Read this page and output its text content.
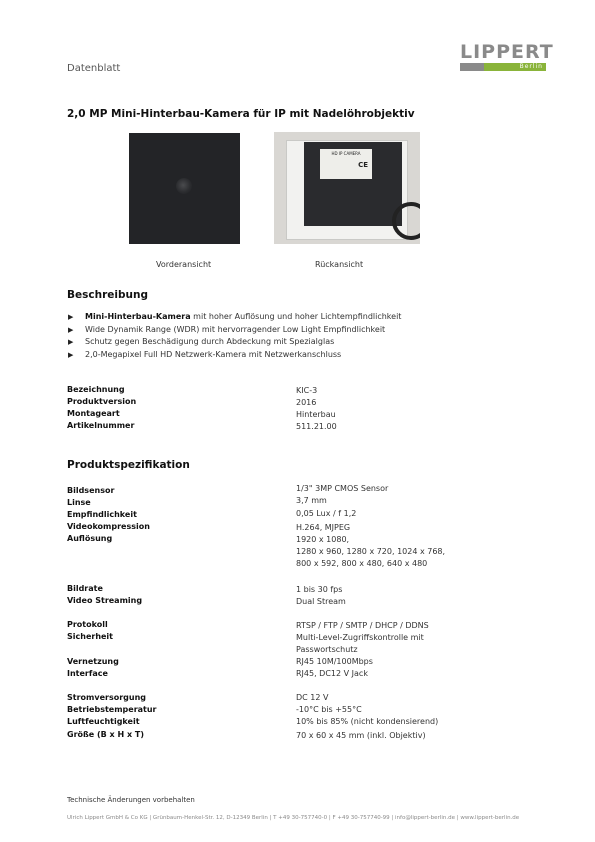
Datenblatt
LIPPERT
Berlin
2,0 MP Mini-Hinterbau-Kamera für IP mit Nadelöhrobjektiv
HD IP CAMERA
CE
Vorderansicht	Rückansicht
Beschreibung
▶ Mini-Hinterbau-Kamera mit hoher Auflösung und hoher Lichtempfindlichkeit
▶ Wide Dynamik Range (WDR) mit hervorragender Low Light Empfindlichkeit
▶ Schutz gegen Beschädigung durch Abdeckung mit Spezialglas
▶ 2,0-Megapixel Full HD Netzwerk-Kamera mit Netzwerkanschluss
Bezeichnung	KIC-3
Produktversion	2016
Montageart	Hinterbau
Artikelnummer	511.21.00
Produktspezifikation
Bildsensor	1/3" 3MP CMOS Sensor
Linse	3,7 mm
Empfindlichkeit	0,05 Lux / f 1,2
Videokompression	H.264, MJPEG
Auflösung	1920 x 1080,
1280 x 960, 1280 x 720, 1024 x 768,
800 x 592, 800 x 480, 640 x 480
Bildrate	1 bis 30 fps
Video Streaming	Dual Stream
Protokoll	RTSP / FTP / SMTP / DHCP / DDNS
Sicherheit	Multi-Level-Zugriffskontrolle mit
Passwortschutz
Vernetzung	RJ45 10M/100Mbps
Interface	RJ45, DC12 V Jack
Stromversorgung	DC 12 V
Betriebstemperatur	-10°C bis +55°C
Luftfeuchtigkeit	10% bis 85% (nicht kondensierend)
Größe (B x H x T)	70 x 60 x 45 mm (inkl. Objektiv)
Technische Änderungen vorbehalten
Ulrich Lippert GmbH & Co KG | Grünbaum-Henkel-Str. 12, D-12349 Berlin | T +49 30-757740-0 | F +49 30-757740-99 | info@lippert-berlin.de | www.lippert-berlin.de
